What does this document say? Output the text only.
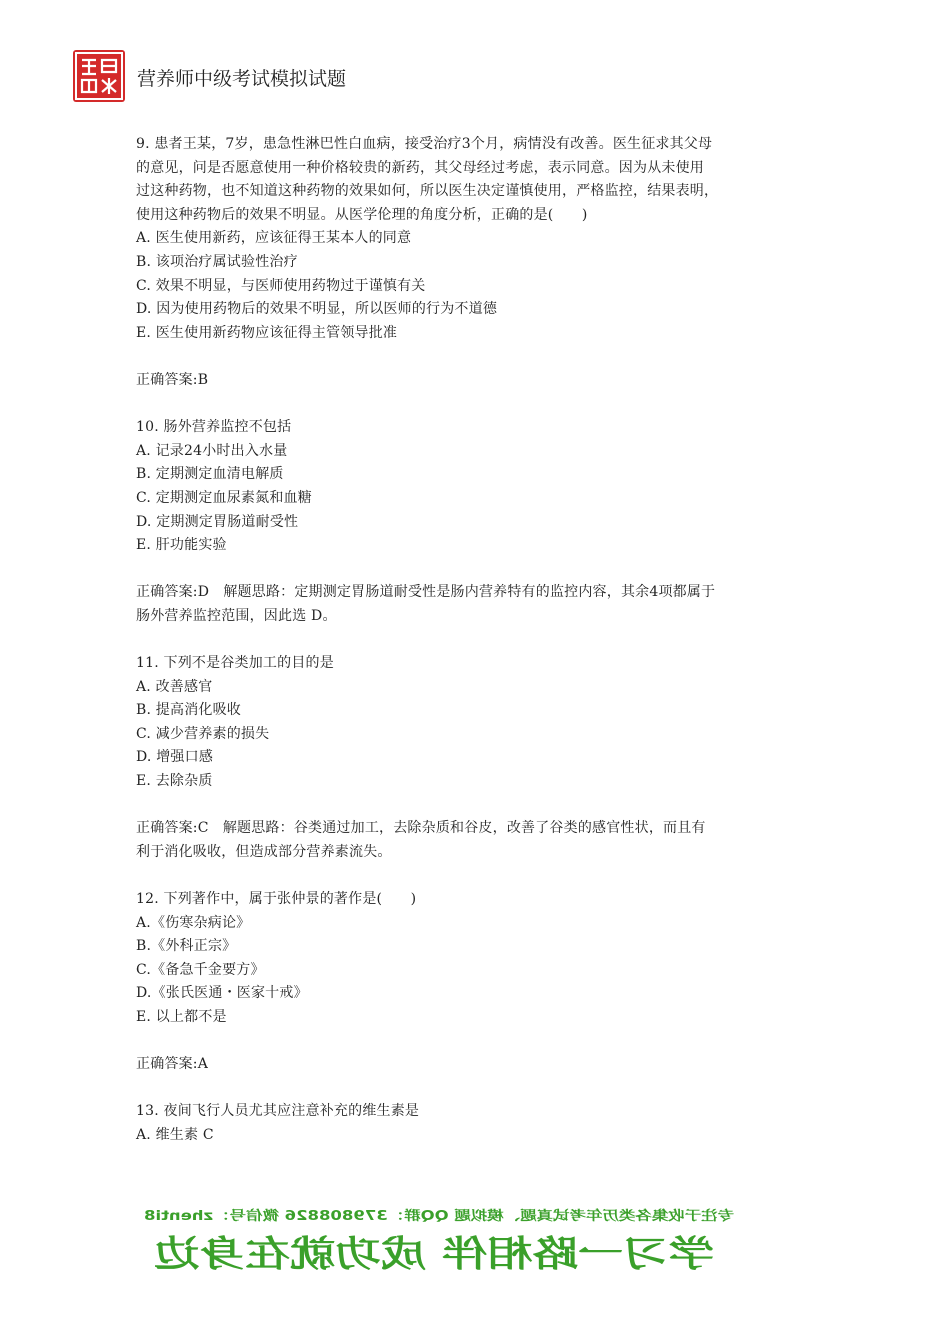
营养师中级考试模拟试题
9. 患者王某，7岁，患急性淋巴性白血病，接受治疗3个月，病情没有改善。医生征求其父母
的意见，问是否愿意使用一种价格较贵的新药，其父母经过考虑，表示同意。因为从未使用
过这种药物，也不知道这种药物的效果如何，所以医生决定谨慎使用，严格监控，结果表明，
使用这种药物后的效果不明显。从医学伦理的角度分析，正确的是(　　)
A. 医生使用新药，应该征得王某本人的同意
B. 该项治疗属试验性治疗
C. 效果不明显，与医师使用药物过于谨慎有关
D. 因为使用药物后的效果不明显，所以医师的行为不道德
E. 医生使用新药物应该征得主管领导批准
正确答案:B
10. 肠外营养监控不包括
A. 记录24小时出入水量
B. 定期测定血清电解质
C. 定期测定血尿素氮和血糖
D. 定期测定胃肠道耐受性
E. 肝功能实验
正确答案:D　解题思路：定期测定胃肠道耐受性是肠内营养特有的监控内容，其余4项都属于
肠外营养监控范围，因此选 D。
11. 下列不是谷类加工的目的是
A. 改善感官
B. 提高消化吸收
C. 减少营养素的损失
D. 增强口感
E. 去除杂质
正确答案:C　解题思路：谷类通过加工，去除杂质和谷皮，改善了谷类的感官性状，而且有
利于消化吸收，但造成部分营养素流失。
12. 下列著作中，属于张仲景的著作是(　　)
A.《伤寒杂病论》
B.《外科正宗》
C.《备急千金要方》
D.《张氏医通・医家十戒》
E. 以上都不是
正确答案:A
13. 夜间飞行人员尤其应注意补充的维生素是
A. 维生素 C
专注于收集各类历年考试真题、模拟题 QQ群：379808826 微信号：zhenti8
学习一路相伴 成功就在身边
